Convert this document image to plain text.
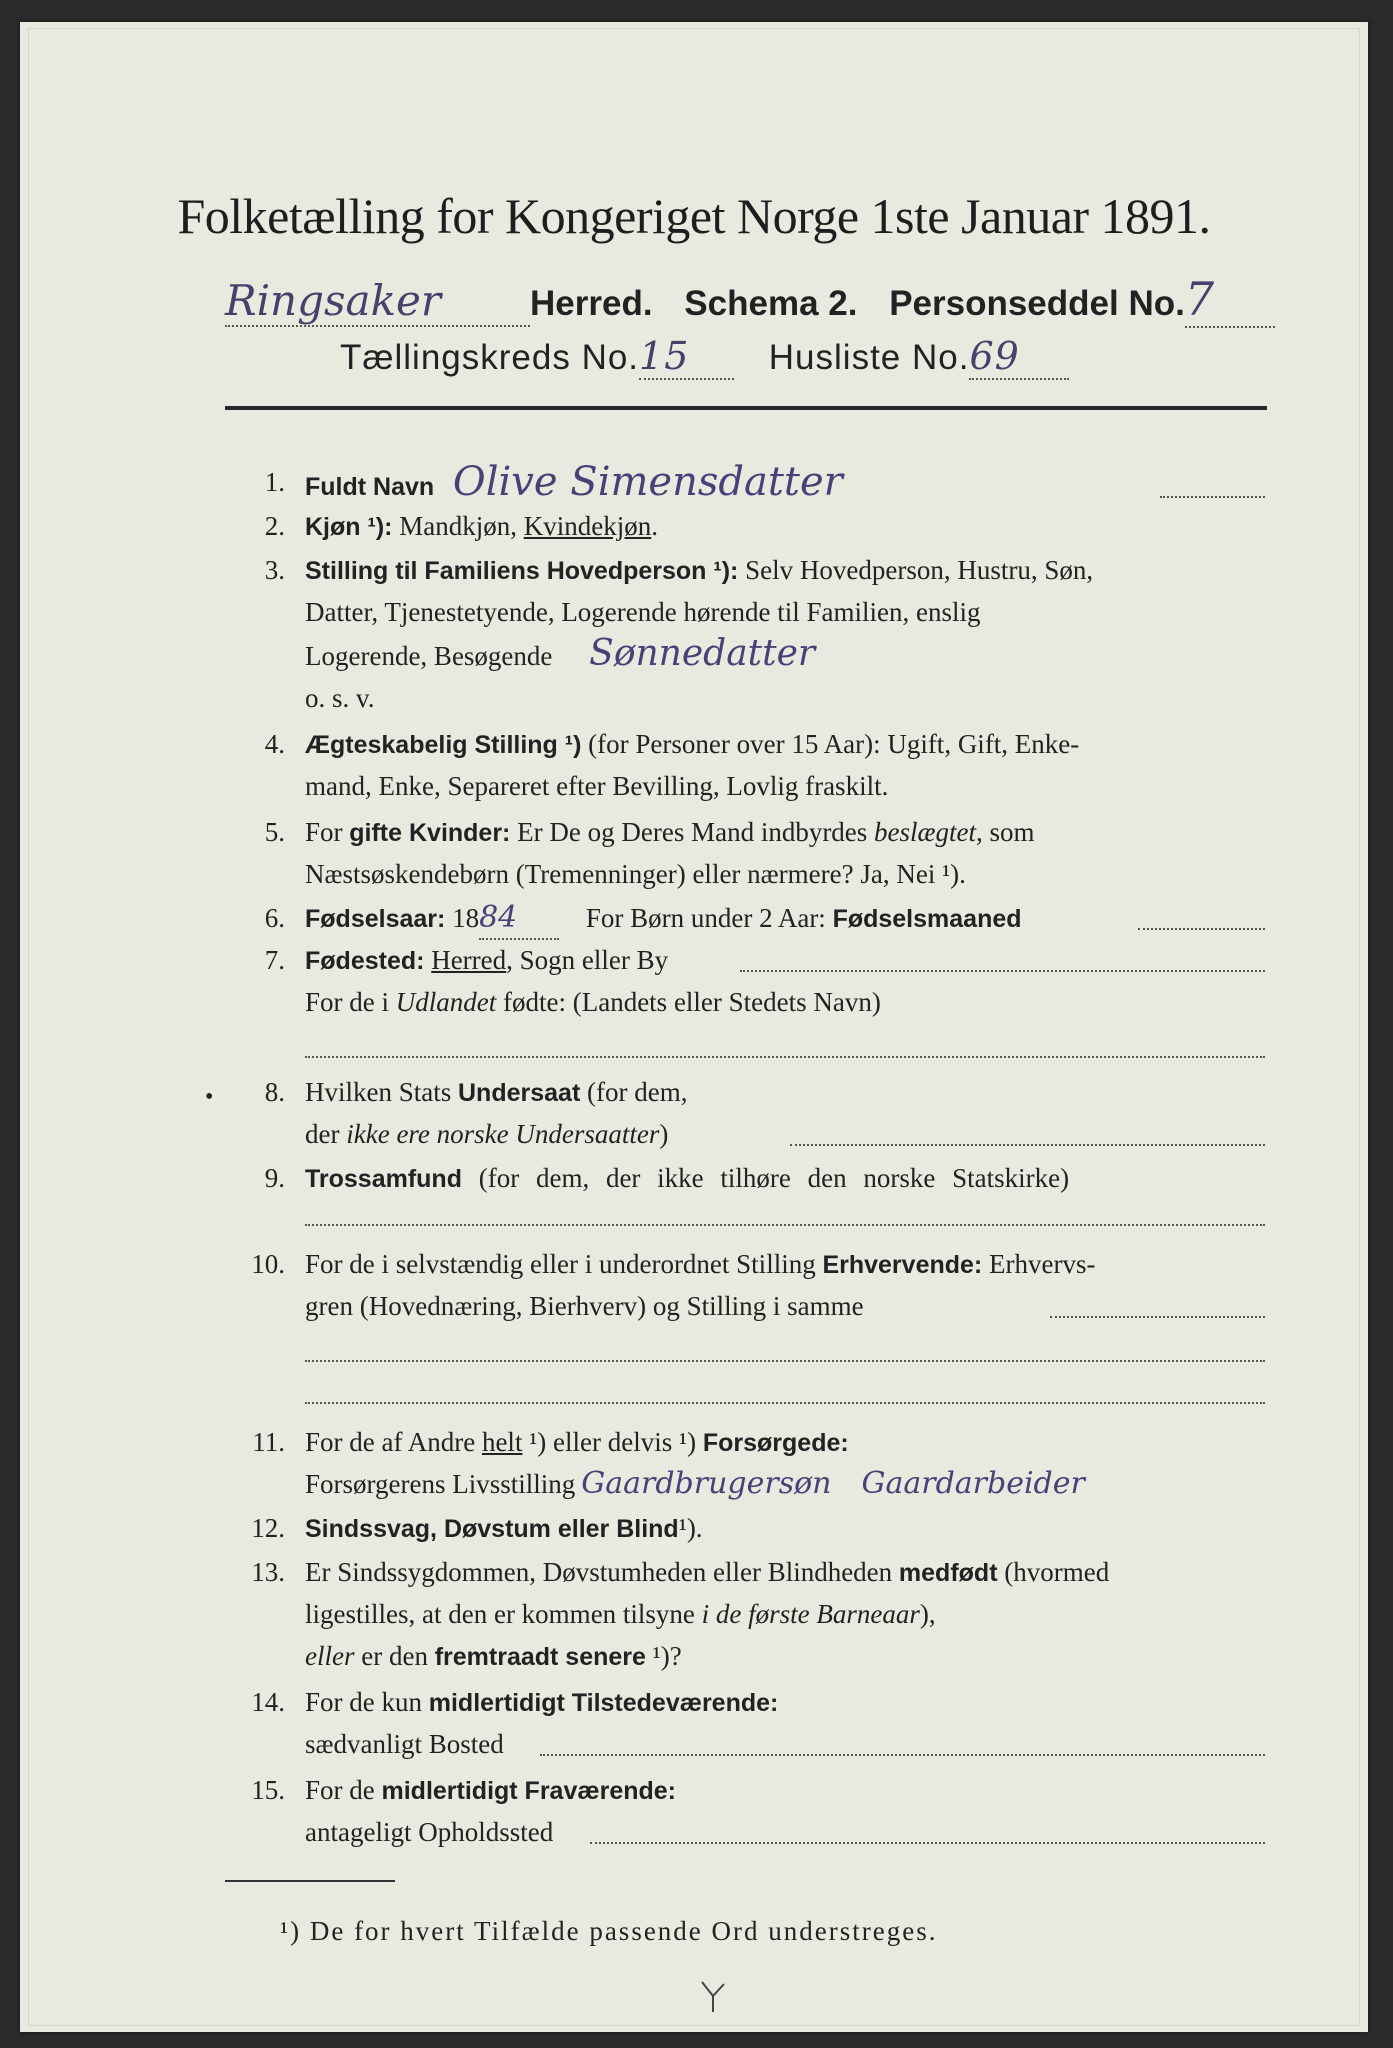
Folketælling for Kongeriget Norge 1ste Januar 1891.
Ringsaker	Herred. Schema 2. Personseddel No.7
Tællingskreds No.15 Husliste No.69
1. Fuldt Navn Olive Simensdatter
2. Kjøn ¹): Mandkjøn, Kvindekjøn.
3. Stilling til Familiens Hovedperson ¹): Selv Hovedperson, Hustru, Søn,
Datter, Tjenestetyende, Logerende hørende til Familien, enslig
Logerende, Besøgende Sønnedatter
o. s. v.
4. Ægteskabelig Stilling ¹) (for Personer over 15 Aar): Ugift, Gift, Enke-
mand, Enke, Separeret efter Bevilling, Lovlig fraskilt.
5. For gifte Kvinder: Er De og Deres Mand indbyrdes beslægtet, som
Næstsøskendebørn (Tremenninger) eller nærmere? Ja, Nei ¹).
6. Fødselsaar: 1884	For Børn under 2 Aar: Fødselsmaaned
7. Fødested: Herred, Sogn eller By
For de i Udlandet fødte: (Landets eller Stedets Navn)
•	8. Hvilken Stats Undersaat (for dem,
der ikke ere norske Undersaatter)
9. Trossamfund (for dem, der ikke tilhøre den norske Statskirke)
10. For de i selvstændig eller i underordnet Stilling Erhvervende: Erhvervs-
gren (Hovednæring, Bierhverv) og Stilling i samme
11. For de af Andre helt ¹) eller delvis ¹) Forsørgede:
Forsørgerens Livsstilling Gaardbrugersøn Gaardarbeider
12. Sindssvag, Døvstum eller Blind¹).
13. Er Sindssygdommen, Døvstumheden eller Blindheden medfødt (hvormed
ligestilles, at den er kommen tilsyne i de første Barneaar),
eller er den fremtraadt senere ¹)?
14. For de kun midlertidigt Tilstedeværende:
sædvanligt Bosted
15. For de midlertidigt Fraværende:
antageligt Opholdssted
¹) De for hvert Tilfælde passende Ord understreges.
